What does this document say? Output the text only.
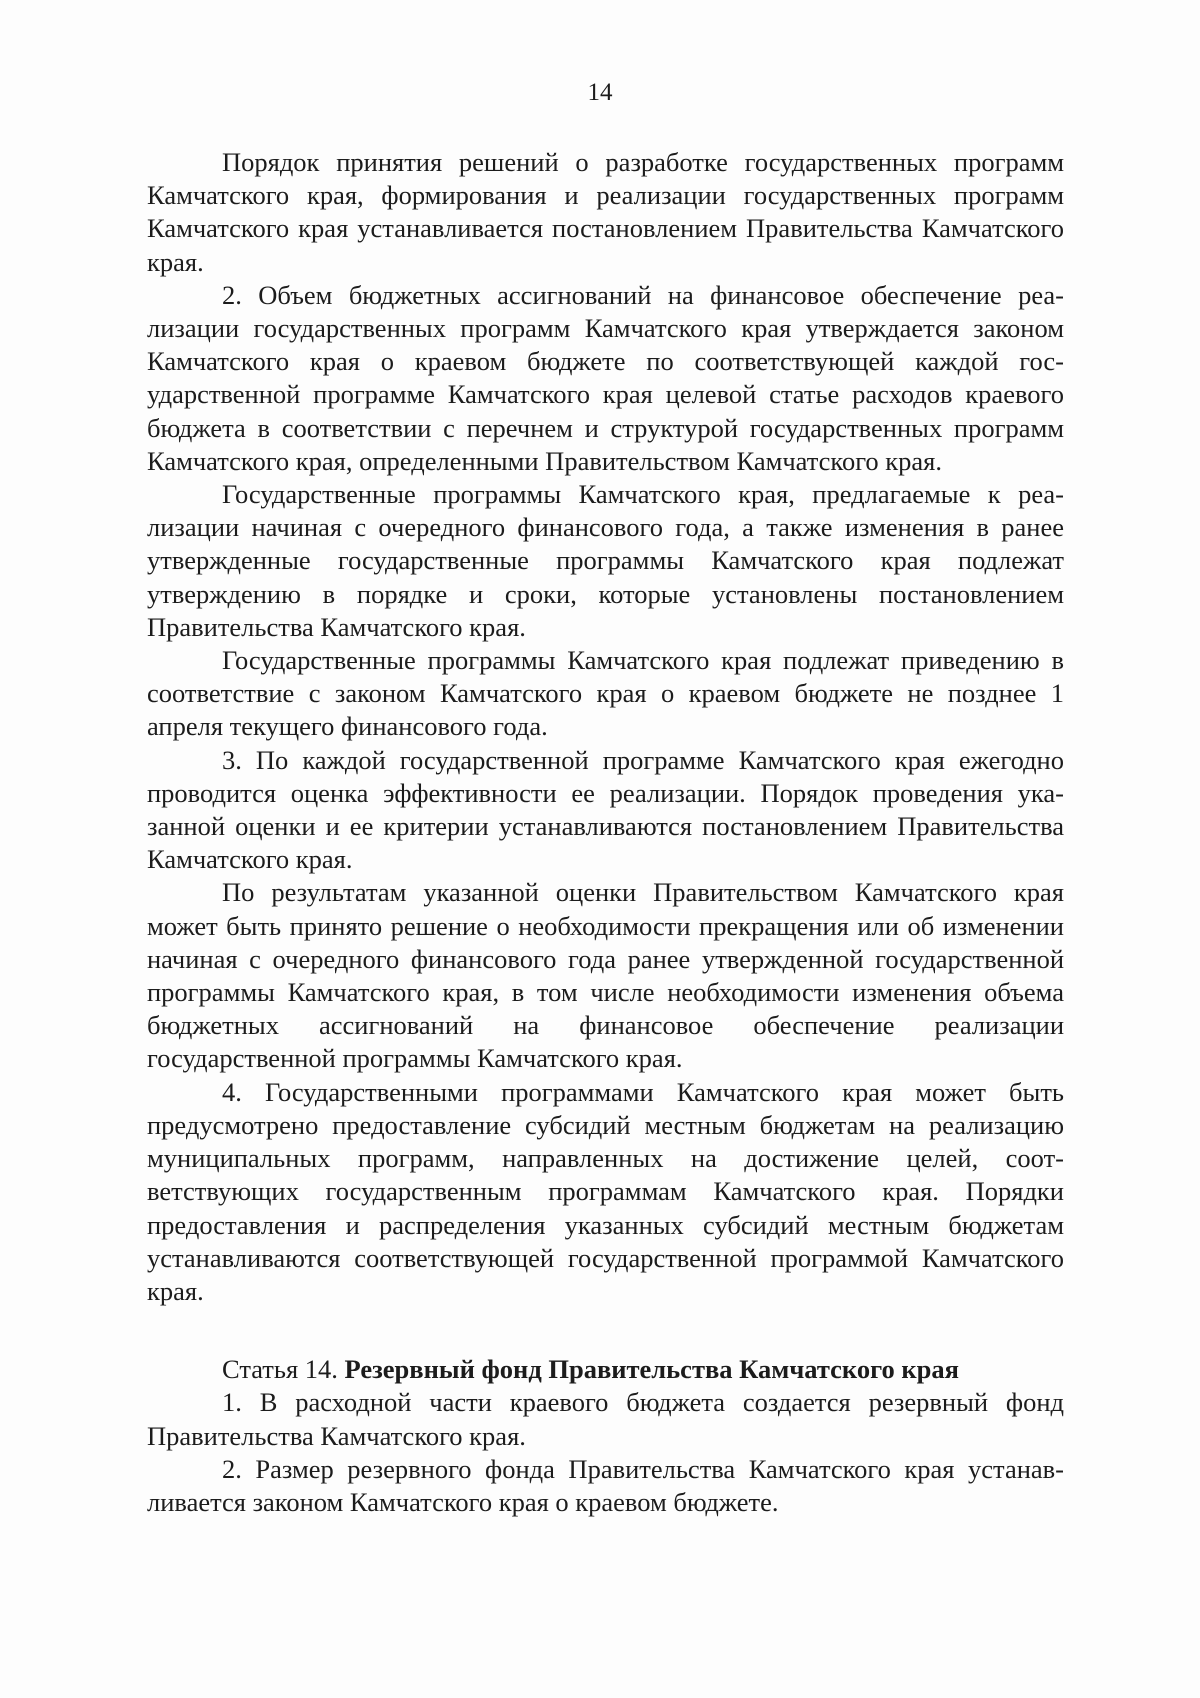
14

Порядок принятия решений о разработке государственных программ Камчатского края, формирования и реализации государственных программ Камчатского края устанавливается постановлением Правительства Камчатского края.

2. Объем бюджетных ассигнований на финансовое обеспечение реализации государственных программ Камчатского края утверждается законом Камчатского края о краевом бюджете по соответствующей каждой государственной программе Камчатского края целевой статье расходов краевого бюджета в соответствии с перечнем и структурой государственных программ Камчатского края, определенными Правительством Камчатского края.

Государственные программы Камчатского края, предлагаемые к реализации начиная с очередного финансового года, а также изменения в ранее утвержденные государственные программы Камчатского края подлежат утверждению в порядке и сроки, которые установлены постановлением Правительства Камчатского края.

Государственные программы Камчатского края подлежат приведению в соответствие с законом Камчатского края о краевом бюджете не позднее 1 апреля текущего финансового года.

3. По каждой государственной программе Камчатского края ежегодно проводится оценка эффективности ее реализации. Порядок проведения указанной оценки и ее критерии устанавливаются постановлением Правительства Камчатского края.

По результатам указанной оценки Правительством Камчатского края может быть принято решение о необходимости прекращения или об изменении начиная с очередного финансового года ранее утвержденной государственной программы Камчатского края, в том числе необходимости изменения объема бюджетных ассигнований на финансовое обеспечение реализации государственной программы Камчатского края.

4. Государственными программами Камчатского края может быть предусмотрено предоставление субсидий местным бюджетам на реализацию муниципальных программ, направленных на достижение целей, соответствующих государственным программам Камчатского края. Порядки предоставления и распределения указанных субсидий местным бюджетам устанавливаются соответствующей государственной программой Камчатского края.

Статья 14. Резервный фонд Правительства Камчатского края

1. В расходной части краевого бюджета создается резервный фонд Правительства Камчатского края.

2. Размер резервного фонда Правительства Камчатского края устанавливается законом Камчатского края о краевом бюджете.
